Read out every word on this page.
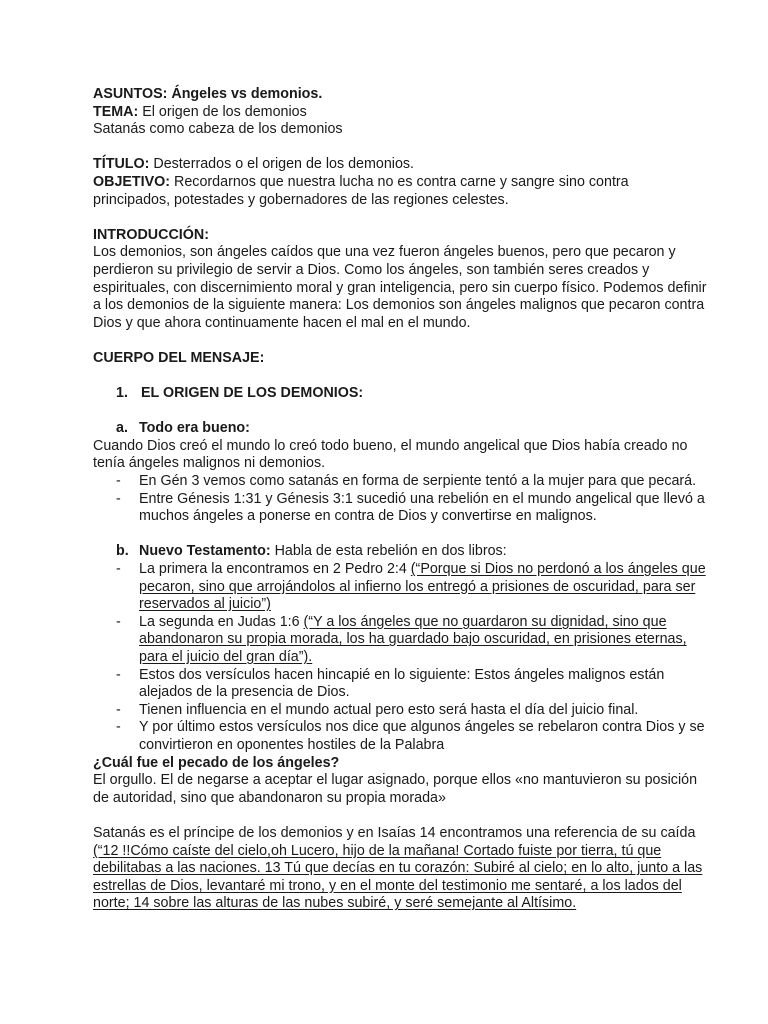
ASUNTOS: Ángeles vs demonios.

TEMA: El origen de los demonios

Satanás como cabeza de los demonios

TÍTULO: Desterrados o el origen de los demonios.

OBJETIVO: Recordarnos que nuestra lucha no es contra carne y sangre sino contra principados, potestades y gobernadores de las regiones celestes.

INTRODUCCIÓN:

Los demonios, son ángeles caídos que una vez fueron ángeles buenos, pero que pecaron y perdieron su privilegio de servir a Dios. Como los ángeles, son también seres creados y espirituales, con discernimiento moral y gran inteligencia, pero sin cuerpo físico. Podemos definir a los demonios de la siguiente manera: Los demonios son ángeles malignos que pecaron contra Dios y que ahora continuamente hacen el mal en el mundo.

CUERPO DEL MENSAJE:

1. EL ORIGEN DE LOS DEMONIOS:

a. Todo era bueno:

Cuando Dios creó el mundo lo creó todo bueno, el mundo angelical que Dios había creado no tenía ángeles malignos ni demonios.

- En Gén 3 vemos como satanás en forma de serpiente tentó a la mujer para que pecará.
- Entre Génesis 1:31 y Génesis 3:1 sucedió una rebelión en el mundo angelical que llevó a muchos ángeles a ponerse en contra de Dios y convertirse en malignos.

b. Nuevo Testamento: Habla de esta rebelión en dos libros:

- La primera la encontramos en 2 Pedro 2:4 (“Porque si Dios no perdonó a los ángeles que pecaron, sino que arrojándolos al infierno los entregó a prisiones de oscuridad, para ser reservados al juicio”)
- La segunda en Judas 1:6 (“Y a los ángeles que no guardaron su dignidad, sino que abandonaron su propia morada, los ha guardado bajo oscuridad, en prisiones eternas, para el juicio del gran día”).
- Estos dos versículos hacen hincapié en lo siguiente: Estos ángeles malignos están alejados de la presencia de Dios.
- Tienen influencia en el mundo actual pero esto será hasta el día del juicio final.
- Y por último estos versículos nos dice que algunos ángeles se rebelaron contra Dios y se convirtieron en oponentes hostiles de la Palabra

¿Cuál fue el pecado de los ángeles?

El orgullo. El de negarse a aceptar el lugar asignado, porque ellos «no mantuvieron su posición de autoridad, sino que abandonaron su propia morada»

Satanás es el príncipe de los demonios y en Isaías 14 encontramos una referencia de su caída (“12 !!Cómo caíste del cielo,oh Lucero, hijo de la mañana! Cortado fuiste por tierra, tú que debilitabas a las naciones. 13 Tú que decías en tu corazón: Subiré al cielo; en lo alto, junto a las estrellas de Dios, levantaré mi trono, y en el monte del testimonio me sentaré, a los lados del norte; 14 sobre las alturas de las nubes subiré, y seré semejante al Altísimo.
